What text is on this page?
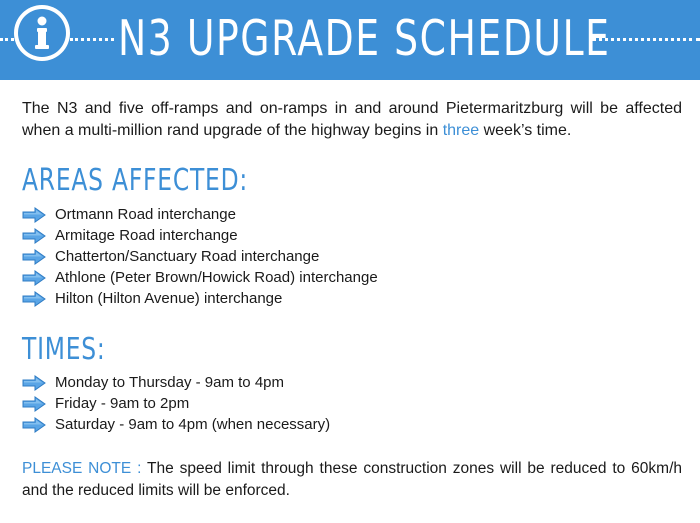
N3 UPGRADE SCHEDULE

The N3 and five off-ramps and on-ramps in and around Pietermaritzburg will be affected when a multi-million rand upgrade of the highway begins in three week’s time.

AREAS AFFECTED:
Ortmann Road interchange
Armitage Road interchange
Chatterton/Sanctuary Road interchange
Athlone (Peter Brown/Howick Road) interchange
Hilton (Hilton Avenue) interchange
TIMES:
Monday to Thursday - 9am to 4pm
Friday - 9am to 2pm
Saturday - 9am to 4pm (when necessary)

PLEASE NOTE : The speed limit through these construction zones will be reduced to 60km/h and the reduced limits will be enforced.
